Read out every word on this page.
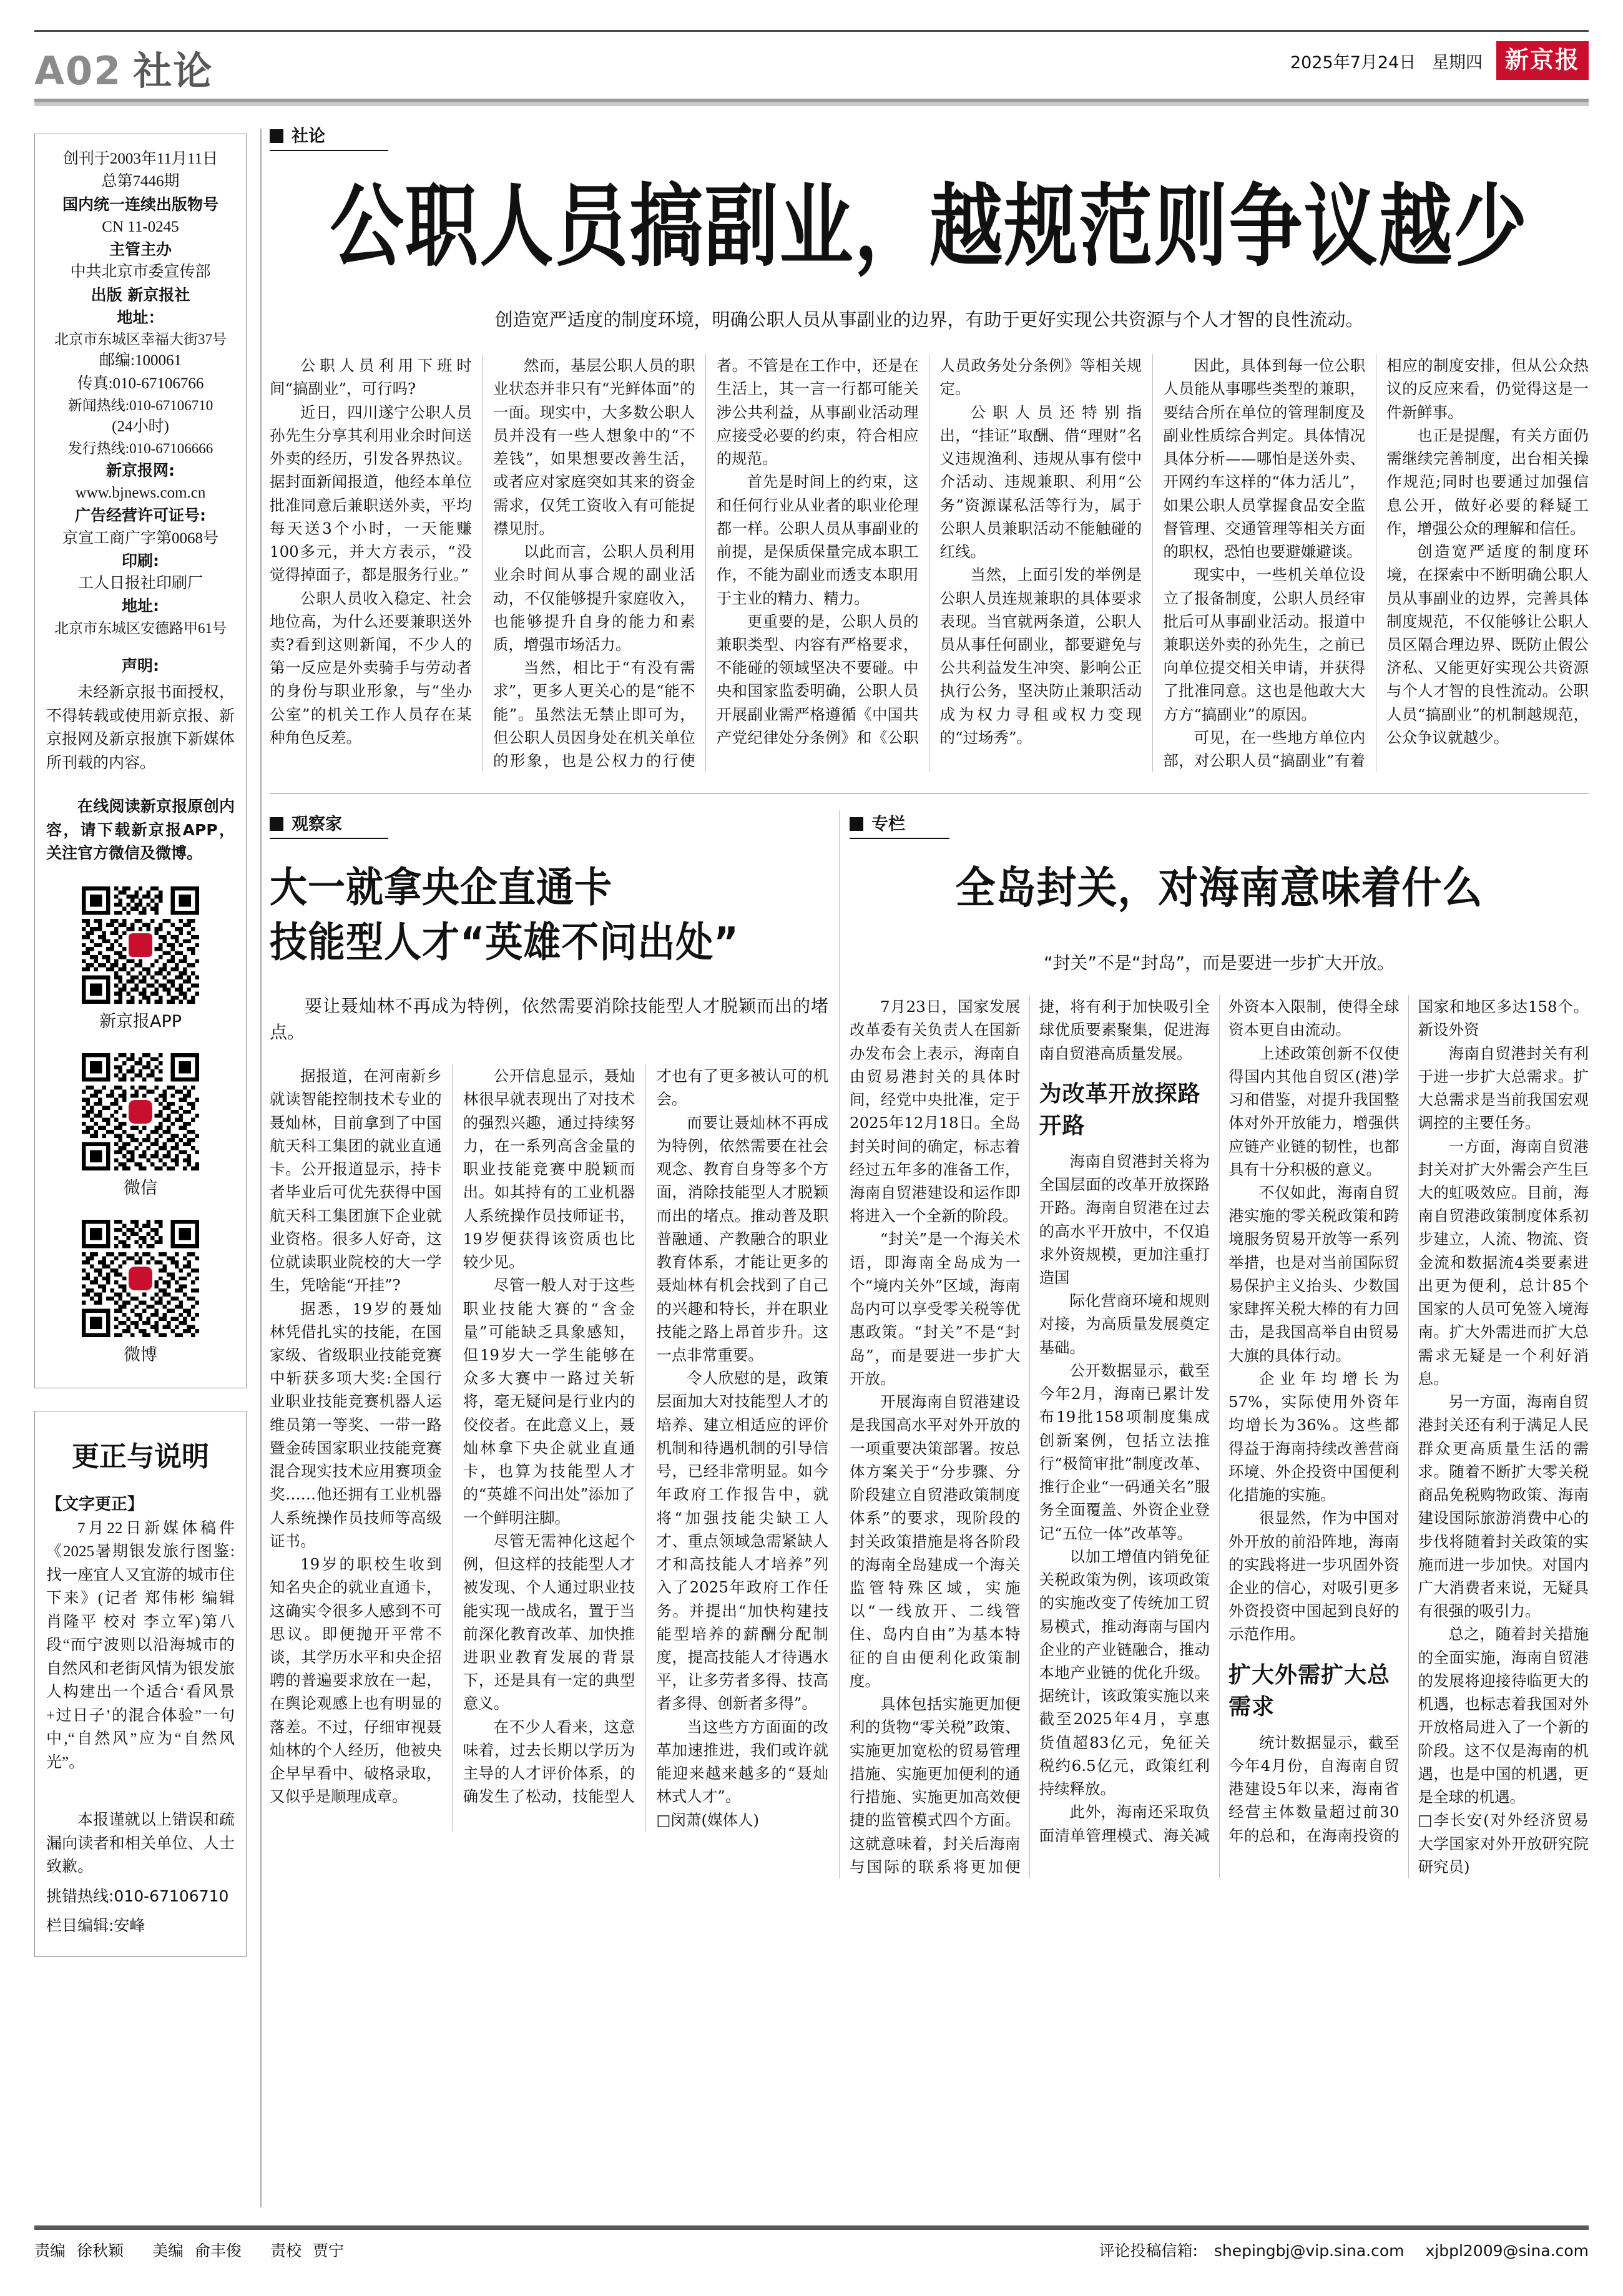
A02 社论	2025年7月24日 星期四 新京报

创刊于2003年11月11日

总第7446期

国内统一连续出版物号

CN 11-0245

主管主办

中共北京市委宣传部

出版 新京报社

地址：

北京市东城区幸福大街37号

邮编:100061

传真:010-67106766

新闻热线:010-67106710

(24小时)

发行热线:010-67106666

新京报网:

www.bjnews.com.cn

广告经营许可证号:

京宣工商广字第0068号

印刷:

工人日报社印刷厂

地址:

北京市东城区安德路甲61号

声明:

未经新京报书面授权，不得转载或使用新京报、新京报网及新京报旗下新媒体所刊载的内容。

在线阅读新京报原创内容，请下载新京报APP，关注官方微信及微博。

新京报APP
微信
微博
更正与说明
【文字更正】

7月22日新媒体稿件《2025暑期银发旅行图鉴:找一座宜人又宜游的城市住下来》(记者 郑伟彬 编辑 肖隆平 校对 李立军)第八段“而宁波则以沿海城市的自然风和老街风情为银发旅人构建出一个适合‘看风景+过日子’的混合体验”一句中,“自然风”应为“自然风光”。

本报谨就以上错误和疏漏向读者和相关单位、人士致歉。

挑错热线:010-67106710

栏目编辑:安峰

社论
公职人员搞副业，越规范则争议越少

创造宽严适度的制度环境，明确公职人员从事副业的边界，有助于更好实现公共资源与个人才智的良性流动。

公职人员利用下班时间“搞副业”，可行吗?

近日，四川遂宁公职人员孙先生分享其利用业余时间送外卖的经历，引发各界热议。据封面新闻报道，他经本单位批准同意后兼职送外卖，平均每天送3个小时，一天能赚100多元，并大方表示，“没觉得掉面子，都是服务行业。”

公职人员收入稳定、社会地位高，为什么还要兼职送外卖?看到这则新闻，不少人的第一反应是外卖骑手与劳动者的身份与职业形象，与“坐办公室”的机关工作人员存在某种角色反差。

然而，基层公职人员的职业状态并非只有“光鲜体面”的一面。现实中，大多数公职人员并没有一些人想象中的“不差钱”，如果想要改善生活，或者应对家庭突如其来的资金需求，仅凭工资收入有可能捉襟见肘。

以此而言，公职人员利用业余时间从事合规的副业活动，不仅能够提升家庭收入，也能够提升自身的能力和素质，增强市场活力。

当然，相比于“有没有需求”，更多人更关心的是“能不能”。虽然法无禁止即可为，但公职人员因身处在机关单位的形象，也是公权力的行使者。不管是在工作中，还是在生活上，其一言一行都可能关涉公共利益，从事副业活动理应接受必要的约束，符合相应的规范。

首先是时间上的约束，这和任何行业从业者的职业伦理都一样。公职人员从事副业的前提，是保质保量完成本职工作，不能为副业而透支本职用于主业的精力、精力。

更重要的是，公职人员的兼职类型、内容有严格要求，不能碰的领域坚决不要碰。中央和国家监委明确，公职人员开展副业需严格遵循《中国共产党纪律处分条例》和《公职人员政务处分条例》等相关规定。

公职人员还特别指出，“挂证”取酬、借“理财”名义违规渔利、违规从事有偿中介活动、违规兼职、利用“公务”资源谋私活等行为，属于公职人员兼职活动不能触碰的红线。

当然，上面引发的举例是公职人员连规兼职的具体要求表现。当官就两条道，公职人员从事任何副业，都要避免与公共利益发生冲突、影响公正执行公务，坚决防止兼职活动成为权力寻租或权力变现的“过场秀”。

因此，具体到每一位公职人员能从事哪些类型的兼职，要结合所在单位的管理制度及副业性质综合判定。具体情况具体分析——哪怕是送外卖、开网约车这样的“体力活儿”，如果公职人员掌握食品安全监督管理、交通管理等相关方面的职权，恐怕也要避嫌避谈。

现实中，一些机关单位设立了报备制度，公职人员经审批后可从事副业活动。报道中兼职送外卖的孙先生，之前已向单位提交相关申请，并获得了批准同意。这也是他敢大大方方“搞副业”的原因。

可见，在一些地方单位内部，对公职人员“搞副业”有着相应的制度安排，但从公众热议的反应来看，仍觉得这是一件新鲜事。

也正是提醒，有关方面仍需继续完善制度，出台相关操作规范;同时也要通过加强信息公开，做好必要的释疑工作，增强公众的理解和信任。

创造宽严适度的制度环境，在探索中不断明确公职人员从事副业的边界，完善具体制度规范，不仅能够让公职人员区隔合理边界、既防止假公济私、又能更好实现公共资源与个人才智的良性流动。公职人员“搞副业”的机制越规范，公众争议就越少。

观察家
大一就拿央企直通卡
技能型人才“英雄不问出处”

要让聂灿林不再成为特例，依然需要消除技能型人才脱颖而出的堵点。

据报道，在河南新乡就读智能控制技术专业的聂灿林，目前拿到了中国航天科工集团的就业直通卡。公开报道显示，持卡者毕业后可优先获得中国航天科工集团旗下企业就业资格。很多人好奇，这位就读职业院校的大一学生，凭啥能“开挂”?

据悉，19岁的聂灿林凭借扎实的技能，在国家级、省级职业技能竞赛中斩获多项大奖:全国行业职业技能竞赛机器人运维员第一等奖、一带一路暨金砖国家职业技能竞赛混合现实技术应用赛项金奖……他还拥有工业机器人系统操作员技师等高级证书。

19岁的职校生收到知名央企的就业直通卡，这确实令很多人感到不可思议。即便抛开平常不谈，其学历水平和央企招聘的普遍要求放在一起，在舆论观感上也有明显的落差。不过，仔细审视聂灿林的个人经历，他被央企早早看中、破格录取，又似乎是顺理成章。

公开信息显示，聂灿林很早就表现出了对技术的强烈兴趣，通过持续努力，在一系列高含金量的职业技能竞赛中脱颖而出。如其持有的工业机器人系统操作员技师证书，19岁便获得该资质也比较少见。

尽管一般人对于这些职业技能大赛的“含金量”可能缺乏具象感知，但19岁大一学生能够在众多大赛中一路过关斩将，毫无疑问是行业内的佼佼者。在此意义上，聂灿林拿下央企就业直通卡，也算为技能型人才的“英雄不问出处”添加了一个鲜明注脚。

尽管无需神化这起个例，但这样的技能型人才被发现、个人通过职业技能实现一战成名，置于当前深化教育改革、加快推进职业教育发展的背景下，还是具有一定的典型意义。

在不少人看来，这意味着，过去长期以学历为主导的人才评价体系，的确发生了松动，技能型人才也有了更多被认可的机会。

而要让聂灿林不再成为特例，依然需要在社会观念、教育自身等多个方面，消除技能型人才脱颖而出的堵点。推动普及职普融通、产教融合的职业教育体系，才能让更多的聂灿林有机会找到了自己的兴趣和特长，并在职业技能之路上昂首步升。这一点非常重要。

令人欣慰的是，政策层面加大对技能型人才的培养、建立相适应的评价机制和待遇机制的引导信号，已经非常明显。如今年政府工作报告中，就将“加强技能尖缺工人才、重点领域急需紧缺人才和高技能人才培养”列入了2025年政府工作任务。并提出“加快构建技能型培养的薪酬分配制度，提高技能人才待遇水平，让多劳者多得、技高者多得、创新者多得”。

当这些方方面面的改革加速推进，我们或许就能迎来越来越多的“聂灿林式人才”。

□闵萧(媒体人)

专栏
全岛封关，对海南意味着什么

“封关”不是“封岛”，而是要进一步扩大开放。

7月23日，国家发展改革委有关负责人在国新办发布会上表示，海南自由贸易港封关的具体时间，经党中央批准，定于2025年12月18日。全岛封关时间的确定，标志着经过五年多的准备工作，海南自贸港建设和运作即将进入一个全新的阶段。

“封关”是一个海关术语，即海南全岛成为一个“境内关外”区域，海南岛内可以享受零关税等优惠政策。“封关”不是“封岛”，而是要进一步扩大开放。

开展海南自贸港建设是我国高水平对外开放的一项重要决策部署。按总体方案关于“分步骤、分阶段建立自贸港政策制度体系”的要求，现阶段的封关政策措施是将各阶段的海南全岛建成一个海关监管特殊区域，实施以“一线放开、二线管住、岛内自由”为基本特征的自由便利化政策制度。

具体包括实施更加便利的货物“零关税”政策、实施更加宽松的贸易管理措施、实施更加便利的通行措施、实施更加高效便捷的监管模式四个方面。这就意味着，封关后海南与国际的联系将更加便捷，将有利于加快吸引全球优质要素聚集，促进海南自贸港高质量发展。

为改革开放探路开路

海南自贸港封关将为全国层面的改革开放探路开路。海南自贸港在过去的高水平开放中，不仅追求外资规模，更加注重打造国

际化营商环境和规则对接，为高质量发展奠定基础。

公开数据显示，截至今年2月，海南已累计发布19批158项制度集成创新案例，包括立法推行“极简审批”制度改革、推行企业“一码通关名”服务全面覆盖、外资企业登记“五位一体”改革等。

以加工增值内销免征关税政策为例，该项政策的实施改变了传统加工贸易模式，推动海南与国内企业的产业链融合，推动本地产业链的优化升级。据统计，该政策实施以来截至2025年4月，享惠货值超83亿元，免征关税约6.5亿元，政策红利持续释放。

此外，海南还采取负面清单管理模式、海关减外资本入限制，使得全球资本更自由流动。

上述政策创新不仅使得国内其他自贸区(港)学习和借鉴，对提升我国整体对外开放能力，增强供应链产业链的韧性，也都具有十分积极的意义。

不仅如此，海南自贸港实施的零关税政策和跨境服务贸易开放等一系列举措，也是对当前国际贸易保护主义抬头、少数国家肆挥关税大棒的有力回击，是我国高举自由贸易大旗的具体行动。

企业年均增长为57%，实际使用外资年均增长为36%。这些都得益于海南持续改善营商环境、外企投资中国便利化措施的实施。

很显然，作为中国对外开放的前沿阵地，海南的实践将进一步巩固外资企业的信心，对吸引更多外资投资中国起到良好的示范作用。

扩大外需扩大总需求

统计数据显示，截至今年4月份，自海南自贸港建设5年以来，海南省经营主体数量超过前30年的总和，在海南投资的国家和地区多达158个。新设外资

海南自贸港封关有利于进一步扩大总需求。扩大总需求是当前我国宏观调控的主要任务。

一方面，海南自贸港封关对扩大外需会产生巨大的虹吸效应。目前，海南自贸港政策制度体系初步建立，人流、物流、资金流和数据流4类要素进出更为便利，总计85个国家的人员可免签入境海南。扩大外需进而扩大总需求无疑是一个利好消息。

另一方面，海南自贸港封关还有利于满足人民群众更高质量生活的需求。随着不断扩大零关税商品免税购物政策、海南建设国际旅游消费中心的步伐将随着封关政策的实施而进一步加快。对国内广大消费者来说，无疑具有很强的吸引力。

总之，随着封关措施的全面实施，海南自贸港的发展将迎接待临更大的机遇，也标志着我国对外开放格局进入了一个新的阶段。这不仅是海南的机遇，也是中国的机遇，更是全球的机遇。

□李长安(对外经济贸易大学国家对外开放研究院研究员)

责编 徐秋颖 美编 俞丰俊 责校 贾宁	评论投稿信箱: shepingbj@vip.sina.com xjbpl2009@sina.com
